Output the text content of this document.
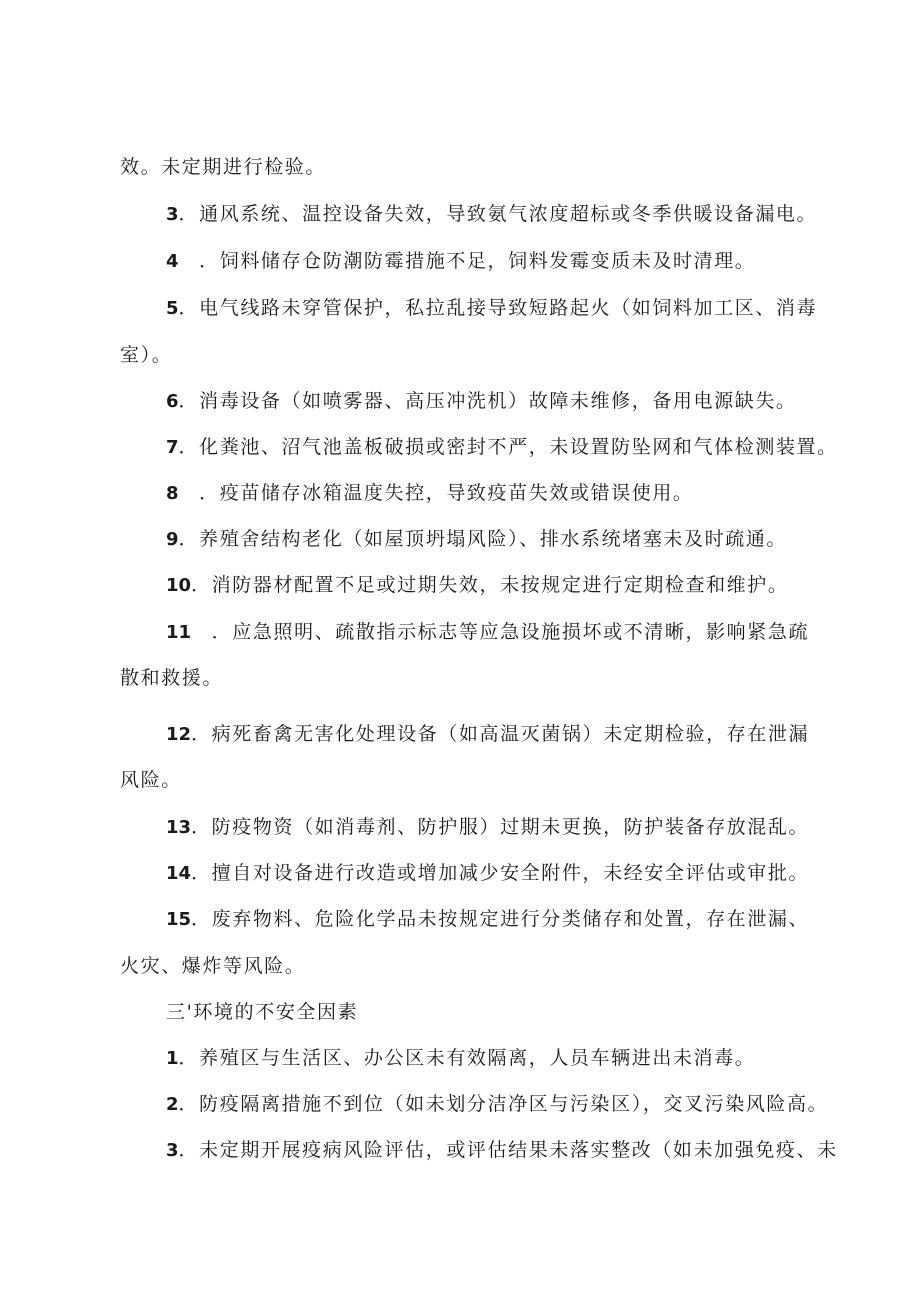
效。未定期进行检验。
3．通风系统、温控设备失效，导致氨气浓度超标或冬季供暖设备漏电。
4　．饲料储存仓防潮防霉措施不足，饲料发霉变质未及时清理。
5．电气线路未穿管保护，私拉乱接导致短路起火（如饲料加工区、消毒
室）。
6．消毒设备（如喷雾器、高压冲洗机）故障未维修，备用电源缺失。
7．化粪池、沼气池盖板破损或密封不严，未设置防坠网和气体检测装置。
8　．疫苗储存冰箱温度失控，导致疫苗失效或错误使用。
9．养殖舍结构老化（如屋顶坍塌风险）、排水系统堵塞未及时疏通。
10．消防器材配置不足或过期失效，未按规定进行定期检查和维护。
11　．应急照明、疏散指示标志等应急设施损坏或不清晰，影响紧急疏
散和救援。
12．病死畜禽无害化处理设备（如高温灭菌锅）未定期检验，存在泄漏
风险。
13．防疫物资（如消毒剂、防护服）过期未更换，防护装备存放混乱。
14．擅自对设备进行改造或增加减少安全附件，未经安全评估或审批。
15．废弃物料、危险化学品未按规定进行分类储存和处置，存在泄漏、
火灾、爆炸等风险。
三'环境的不安全因素
1．养殖区与生活区、办公区未有效隔离，人员车辆进出未消毒。
2．防疫隔离措施不到位（如未划分洁净区与污染区），交叉污染风险高。
3．未定期开展疫病风险评估，或评估结果未落实整改（如未加强免疫、未
